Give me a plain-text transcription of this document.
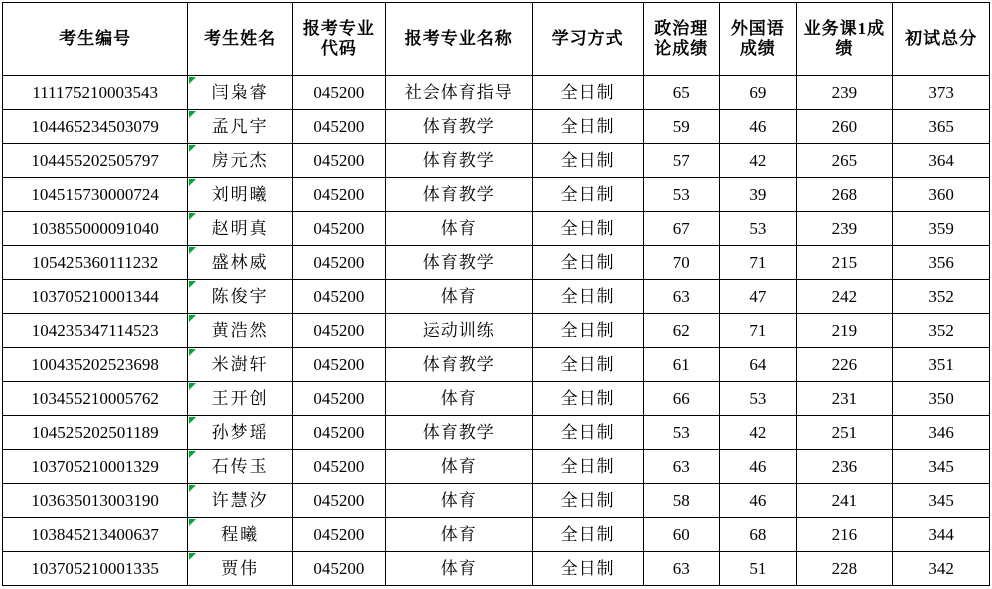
考生编号	考生姓名	报考专业代码	报考专业名称	学习方式	政治理论成绩	外国语成绩	业务课1成绩	初试总分
111175210003543	闫枭睿	045200	社会体育指导	全日制	65	69	239	373
104465234503079	孟凡宇	045200	体育教学	全日制	59	46	260	365
104455202505797	房元杰	045200	体育教学	全日制	57	42	265	364
104515730000724	刘明曦	045200	体育教学	全日制	53	39	268	360
103855000091040	赵明真	045200	体育	全日制	67	53	239	359
105425360111232	盛林威	045200	体育教学	全日制	70	71	215	356
103705210001344	陈俊宇	045200	体育	全日制	63	47	242	352
104235347114523	黄浩然	045200	运动训练	全日制	62	71	219	352
100435202523698	米澍轩	045200	体育教学	全日制	61	64	226	351
103455210005762	王开创	045200	体育	全日制	66	53	231	350
104525202501189	孙梦瑶	045200	体育教学	全日制	53	42	251	346
103705210001329	石传玉	045200	体育	全日制	63	46	236	345
103635013003190	许慧汐	045200	体育	全日制	58	46	241	345
103845213400637	程曦	045200	体育	全日制	60	68	216	344
103705210001335	贾伟	045200	体育	全日制	63	51	228	342
